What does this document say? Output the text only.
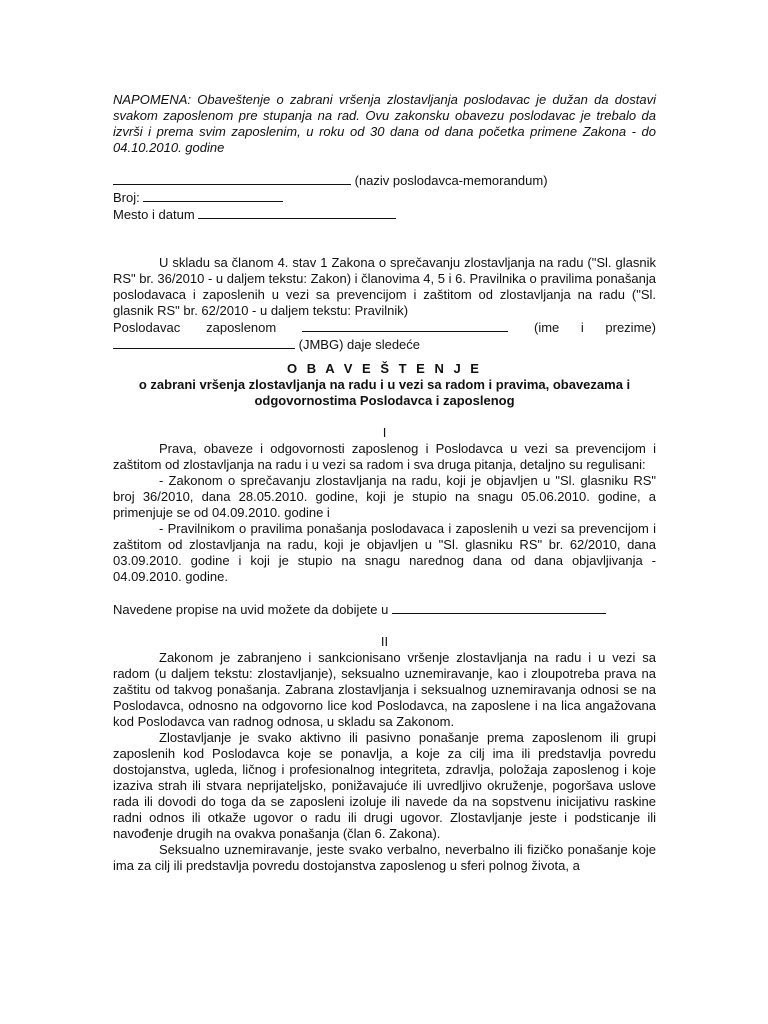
NAPOMENA: Obaveštenje o zabrani vršenja zlostavljanja poslodavac je dužan da dostavi svakom zaposlenom pre stupanja na rad. Ovu zakonsku obavezu poslodavac je trebalo da izvrši i prema svim zaposlenim, u roku od 30 dana od dana početka primene Zakona - do 04.10.2010. godine

(naziv poslodavca-memorandum)

Broj:

Mesto i datum

U skladu sa članom 4. stav 1 Zakona o sprečavanju zlostavljanja na radu ("Sl. glasnik RS" br. 36/2010 - u daljem tekstu: Zakon) i članovima 4, 5 i 6. Pravilnika o pravilima ponašanja poslodavaca i zaposlenih u vezi sa prevencijom i zaštitom od zlostavljanja na radu ("Sl. glasnik RS" br. 62/2010 - u daljem tekstu: Pravilnik)

Poslodavac zaposlenom	(ime i prezime)

(JMBG) daje sledeće

O B A V E Š T E N J E

o zabrani vršenja zlostavljanja na radu i u vezi sa radom i pravima, obavezama i odgovornostima Poslodavca i zaposlenog

I

Prava, obaveze i odgovornosti zaposlenog i Poslodavca u vezi sa prevencijom i zaštitom od zlostavljanja na radu i u vezi sa radom i sva druga pitanja, detaljno su regulisani:

- Zakonom o sprečavanju zlostavljanja na radu, koji je objavljen u "Sl. glasniku RS" broj 36/2010, dana 28.05.2010. godine, koji je stupio na snagu 05.06.2010. godine, a primenjuje se od 04.09.2010. godine i

- Pravilnikom o pravilima ponašanja poslodavaca i zaposlenih u vezi sa prevencijom i zaštitom od zlostavljanja na radu, koji je objavljen u "Sl. glasniku RS" br. 62/2010, dana 03.09.2010. godine i koji je stupio na snagu narednog dana od dana objavljivanja - 04.09.2010. godine.

Navedene propise na uvid možete da dobijete u

II

Zakonom je zabranjeno i sankcionisano vršenje zlostavljanja na radu i u vezi sa radom (u daljem tekstu: zlostavljanje), seksualno uznemiravanje, kao i zloupotreba prava na zaštitu od takvog ponašanja. Zabrana zlostavljanja i seksualnog uznemiravanja odnosi se na Poslodavca, odnosno na odgovorno lice kod Poslodavca, na zaposlene i na lica angažovana kod Poslodavca van radnog odnosa, u skladu sa Zakonom.

Zlostavljanje je svako aktivno ili pasivno ponašanje prema zaposlenom ili grupi zaposlenih kod Poslodavca koje se ponavlja, a koje za cilj ima ili predstavlja povredu dostojanstva, ugleda, ličnog i profesionalnog integriteta, zdravlja, položaja zaposlenog i koje izaziva strah ili stvara neprijateljsko, ponižavajuće ili uvredljivo okruženje, pogoršava uslove rada ili dovodi do toga da se zaposleni izoluje ili navede da na sopstvenu inicijativu raskine radni odnos ili otkaže ugovor o radu ili drugi ugovor. Zlostavljanje jeste i podsticanje ili navođenje drugih na ovakva ponašanja (član 6. Zakona).

Seksualno uznemiravanje, jeste svako verbalno, neverbalno ili fizičko ponašanje koje ima za cilj ili predstavlja povredu dostojanstva zaposlenog u sferi polnog života, a
